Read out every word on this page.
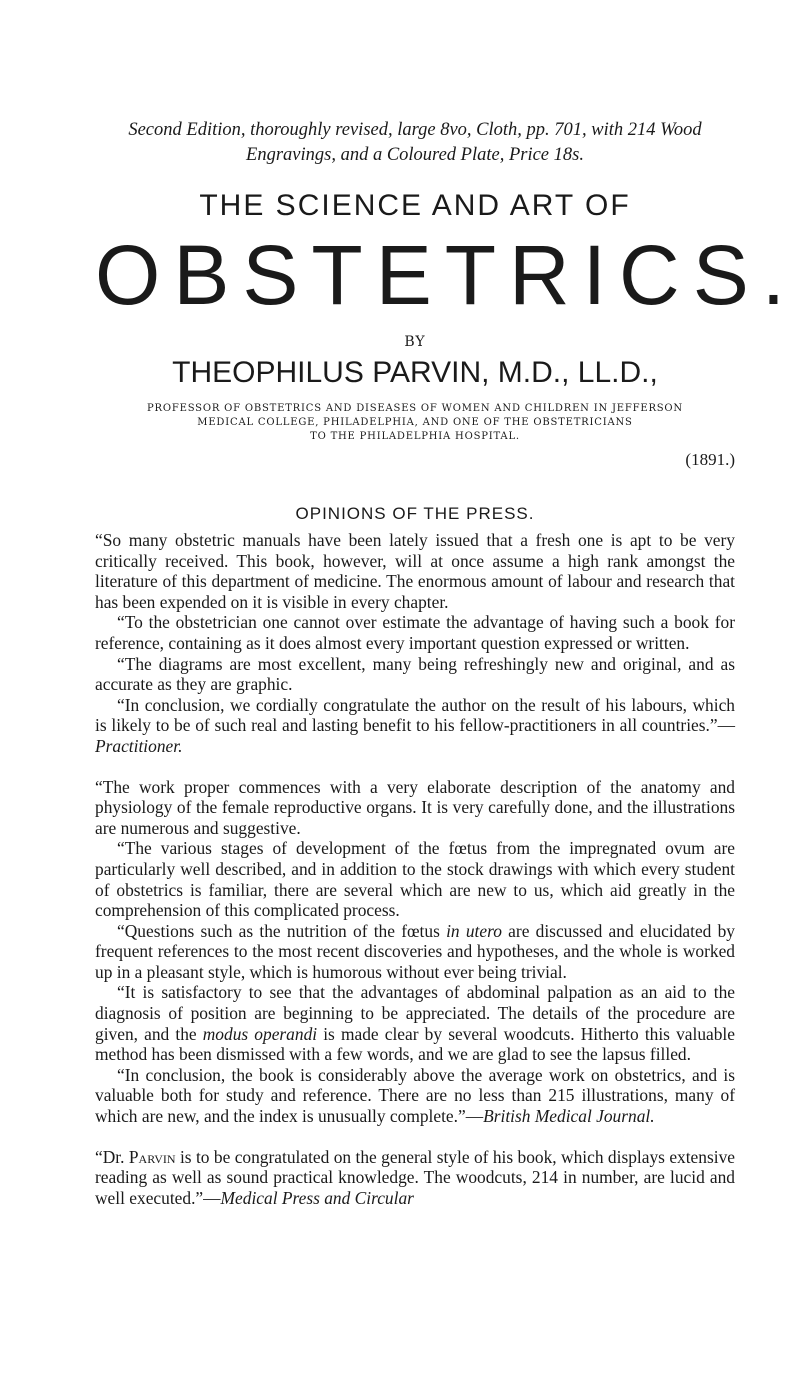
Second Edition, thoroughly revised, large 8vo, Cloth, pp. 701, with 214 Wood Engravings, and a Coloured Plate, Price 18s.
THE SCIENCE AND ART OF
OBSTETRICS.
BY
THEOPHILUS PARVIN, M.D., LL.D.,
PROFESSOR OF OBSTETRICS AND DISEASES OF WOMEN AND CHILDREN IN JEFFERSON
MEDICAL COLLEGE, PHILADELPHIA, AND ONE OF THE OBSTETRICIANS
TO THE PHILADELPHIA HOSPITAL.
(1891.)
OPINIONS OF THE PRESS.

“So many obstetric manuals have been lately issued that a fresh one is apt to be very critically received. This book, however, will at once assume a high rank amongst the literature of this department of medicine. The enormous amount of labour and research that has been expended on it is visible in every chapter.

“To the obstetrician one cannot over estimate the advantage of having such a book for reference, containing as it does almost every important question expressed or written.

“The diagrams are most excellent, many being refreshingly new and original, and as accurate as they are graphic.

“In conclusion, we cordially congratulate the author on the result of his labours, which is likely to be of such real and lasting benefit to his fellow-practitioners in all countries.”—Practitioner.

“The work proper commences with a very elaborate description of the anatomy and physiology of the female reproductive organs. It is very carefully done, and the illustrations are numerous and suggestive.

“The various stages of development of the fœtus from the impregnated ovum are particularly well described, and in addition to the stock drawings with which every student of obstetrics is familiar, there are several which are new to us, which aid greatly in the comprehension of this complicated process.

“Questions such as the nutrition of the fœtus in utero are discussed and elucidated by frequent references to the most recent discoveries and hypotheses, and the whole is worked up in a pleasant style, which is humorous without ever being trivial.

“It is satisfactory to see that the advantages of abdominal palpation as an aid to the diagnosis of position are beginning to be appreciated. The details of the procedure are given, and the modus operandi is made clear by several woodcuts. Hitherto this valuable method has been dismissed with a few words, and we are glad to see the lapsus filled.

“In conclusion, the book is considerably above the average work on obstetrics, and is valuable both for study and reference. There are no less than 215 illustrations, many of which are new, and the index is unusually complete.”—British Medical Journal.

“Dr. Parvin is to be congratulated on the general style of his book, which displays extensive reading as well as sound practical knowledge. The woodcuts, 214 in number, are lucid and well executed.”—Medical Press and Circular
